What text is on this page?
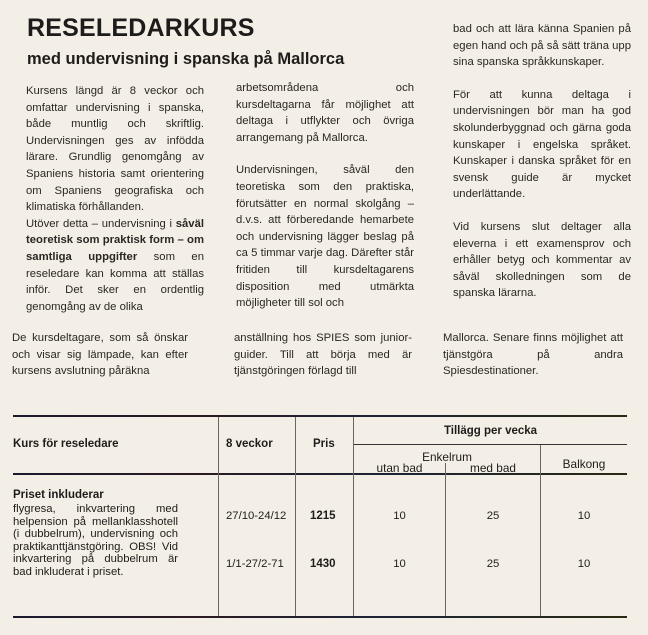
RESELEDARKURS
med undervisning i spanska på Mallorca

Kursens längd är 8 veckor och omfattar undervisning i spanska, både muntlig och skriftlig. Undervisningen ges av infödda lärare. Grundlig genomgång av Spaniens historia samt orientering om Spaniens geografiska och klimatiska förhållanden.

Utöver detta – undervisning i såväl teoretisk som praktisk form – om samtliga uppgifter som en reseledare kan komma att ställas inför. Det sker en ordentlig genomgång av de olika

arbetsområdena och kursdeltagarna får möjlighet att deltaga i utflykter och övriga arrangemang på Mallorca.

Undervisningen, såväl den teoretiska som den praktiska, förutsätter en normal skolgång – d.v.s. att förberedande hemarbete och undervisning lägger beslag på ca 5 timmar varje dag. Därefter står fritiden till kursdeltagarens disposition med utmärkta möjligheter till sol och

bad och att lära känna Spanien på egen hand och på så sätt träna upp sina spanska språkkunskaper.

För att kunna deltaga i undervisningen bör man ha god skolunderbyggnad och gärna goda kunskaper i engelska språket. Kunskaper i danska språket för en svensk guide är mycket underlättande.

Vid kursens slut deltager alla eleverna i ett examensprov och erhåller betyg och kommentar av såväl skolledningen som de spanska lärarna.

De kursdeltagare, som så önskar och visar sig lämpade, kan efter kursens avslutning påräkna
anställning hos SPIES som junior-guider. Till att börja med är tjänstgöringen förlagd till
Mallorca. Senare finns möjlighet att tjänstgöra på andra Spiesdestinationer.
Kurs för reseledare	8 veckor	Pris
Tillägg per vecka
Enkelrum
utan bad	med bad	Balkong
Priset inkluderar
flygresa, inkvartering med helpension på mellanklasshotell (i dubbelrum), undervisning och praktikanttjänstgöring. OBS! Vid inkvartering på dubbelrum är bad inkluderat i priset.
27/10-24/12 1215	10	25	10
1/1-27/2-71 1430	10	25	10
